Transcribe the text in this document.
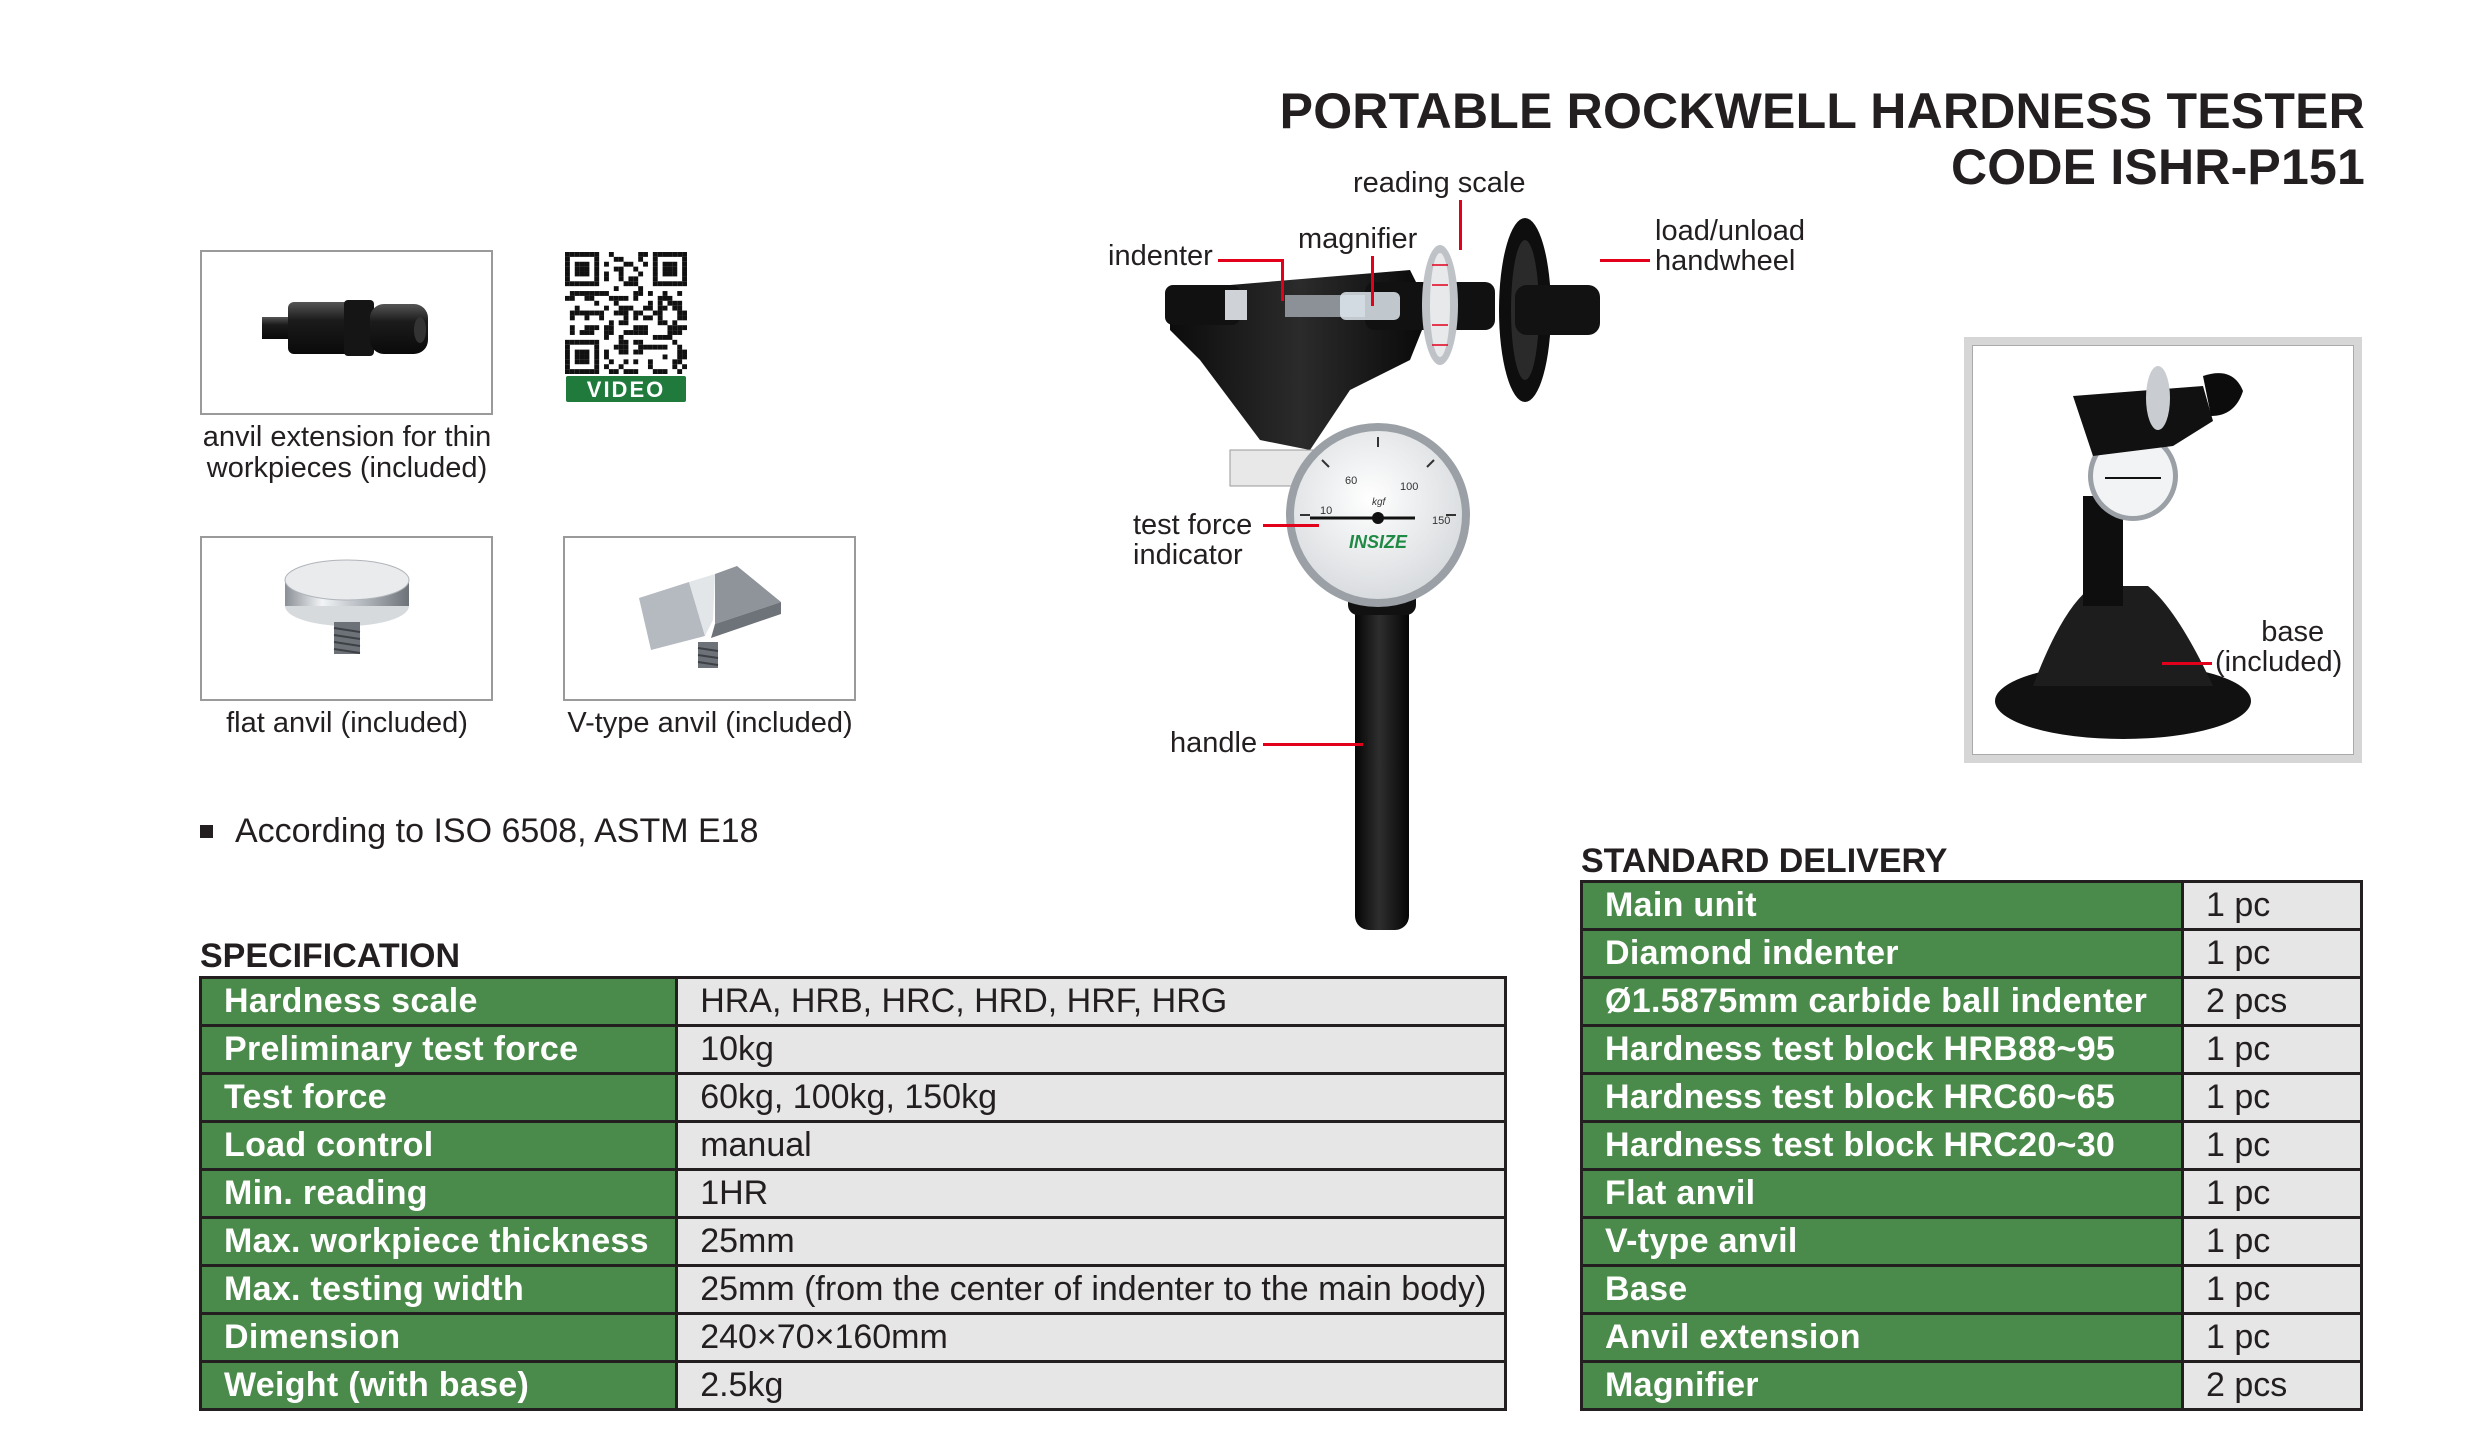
PORTABLE ROCKWELL HARDNESS TESTER
CODE ISHR-P151
anvil extension for thin
workpieces (included)
VIDEO
flat anvil (included)	V-type anvil (included)
According to ISO 6508, ASTM E18
60	100
10
150
kgf
INSIZE
reading scale
magnifier
indenter
load/unload
handwheel
test force
indicator
handle
base
(included)
SPECIFICATION
Hardness scale	HRA, HRB, HRC, HRD, HRF, HRG
Preliminary test force	10kg
Test force	60kg, 100kg, 150kg
Load control	manual
Min. reading	1HR
Max. workpiece thickness	25mm
Max. testing width	25mm (from the center of indenter to the main body)
Dimension	240×70×160mm
Weight (with base)	2.5kg
STANDARD DELIVERY
Main unit	1 pc
Diamond indenter	1 pc
Ø1.5875mm carbide ball indenter	2 pcs
Hardness test block HRB88~95	1 pc
Hardness test block HRC60~65	1 pc
Hardness test block HRC20~30	1 pc
Flat anvil	1 pc
V-type anvil	1 pc
Base	1 pc
Anvil extension	1 pc
Magnifier	2 pcs
